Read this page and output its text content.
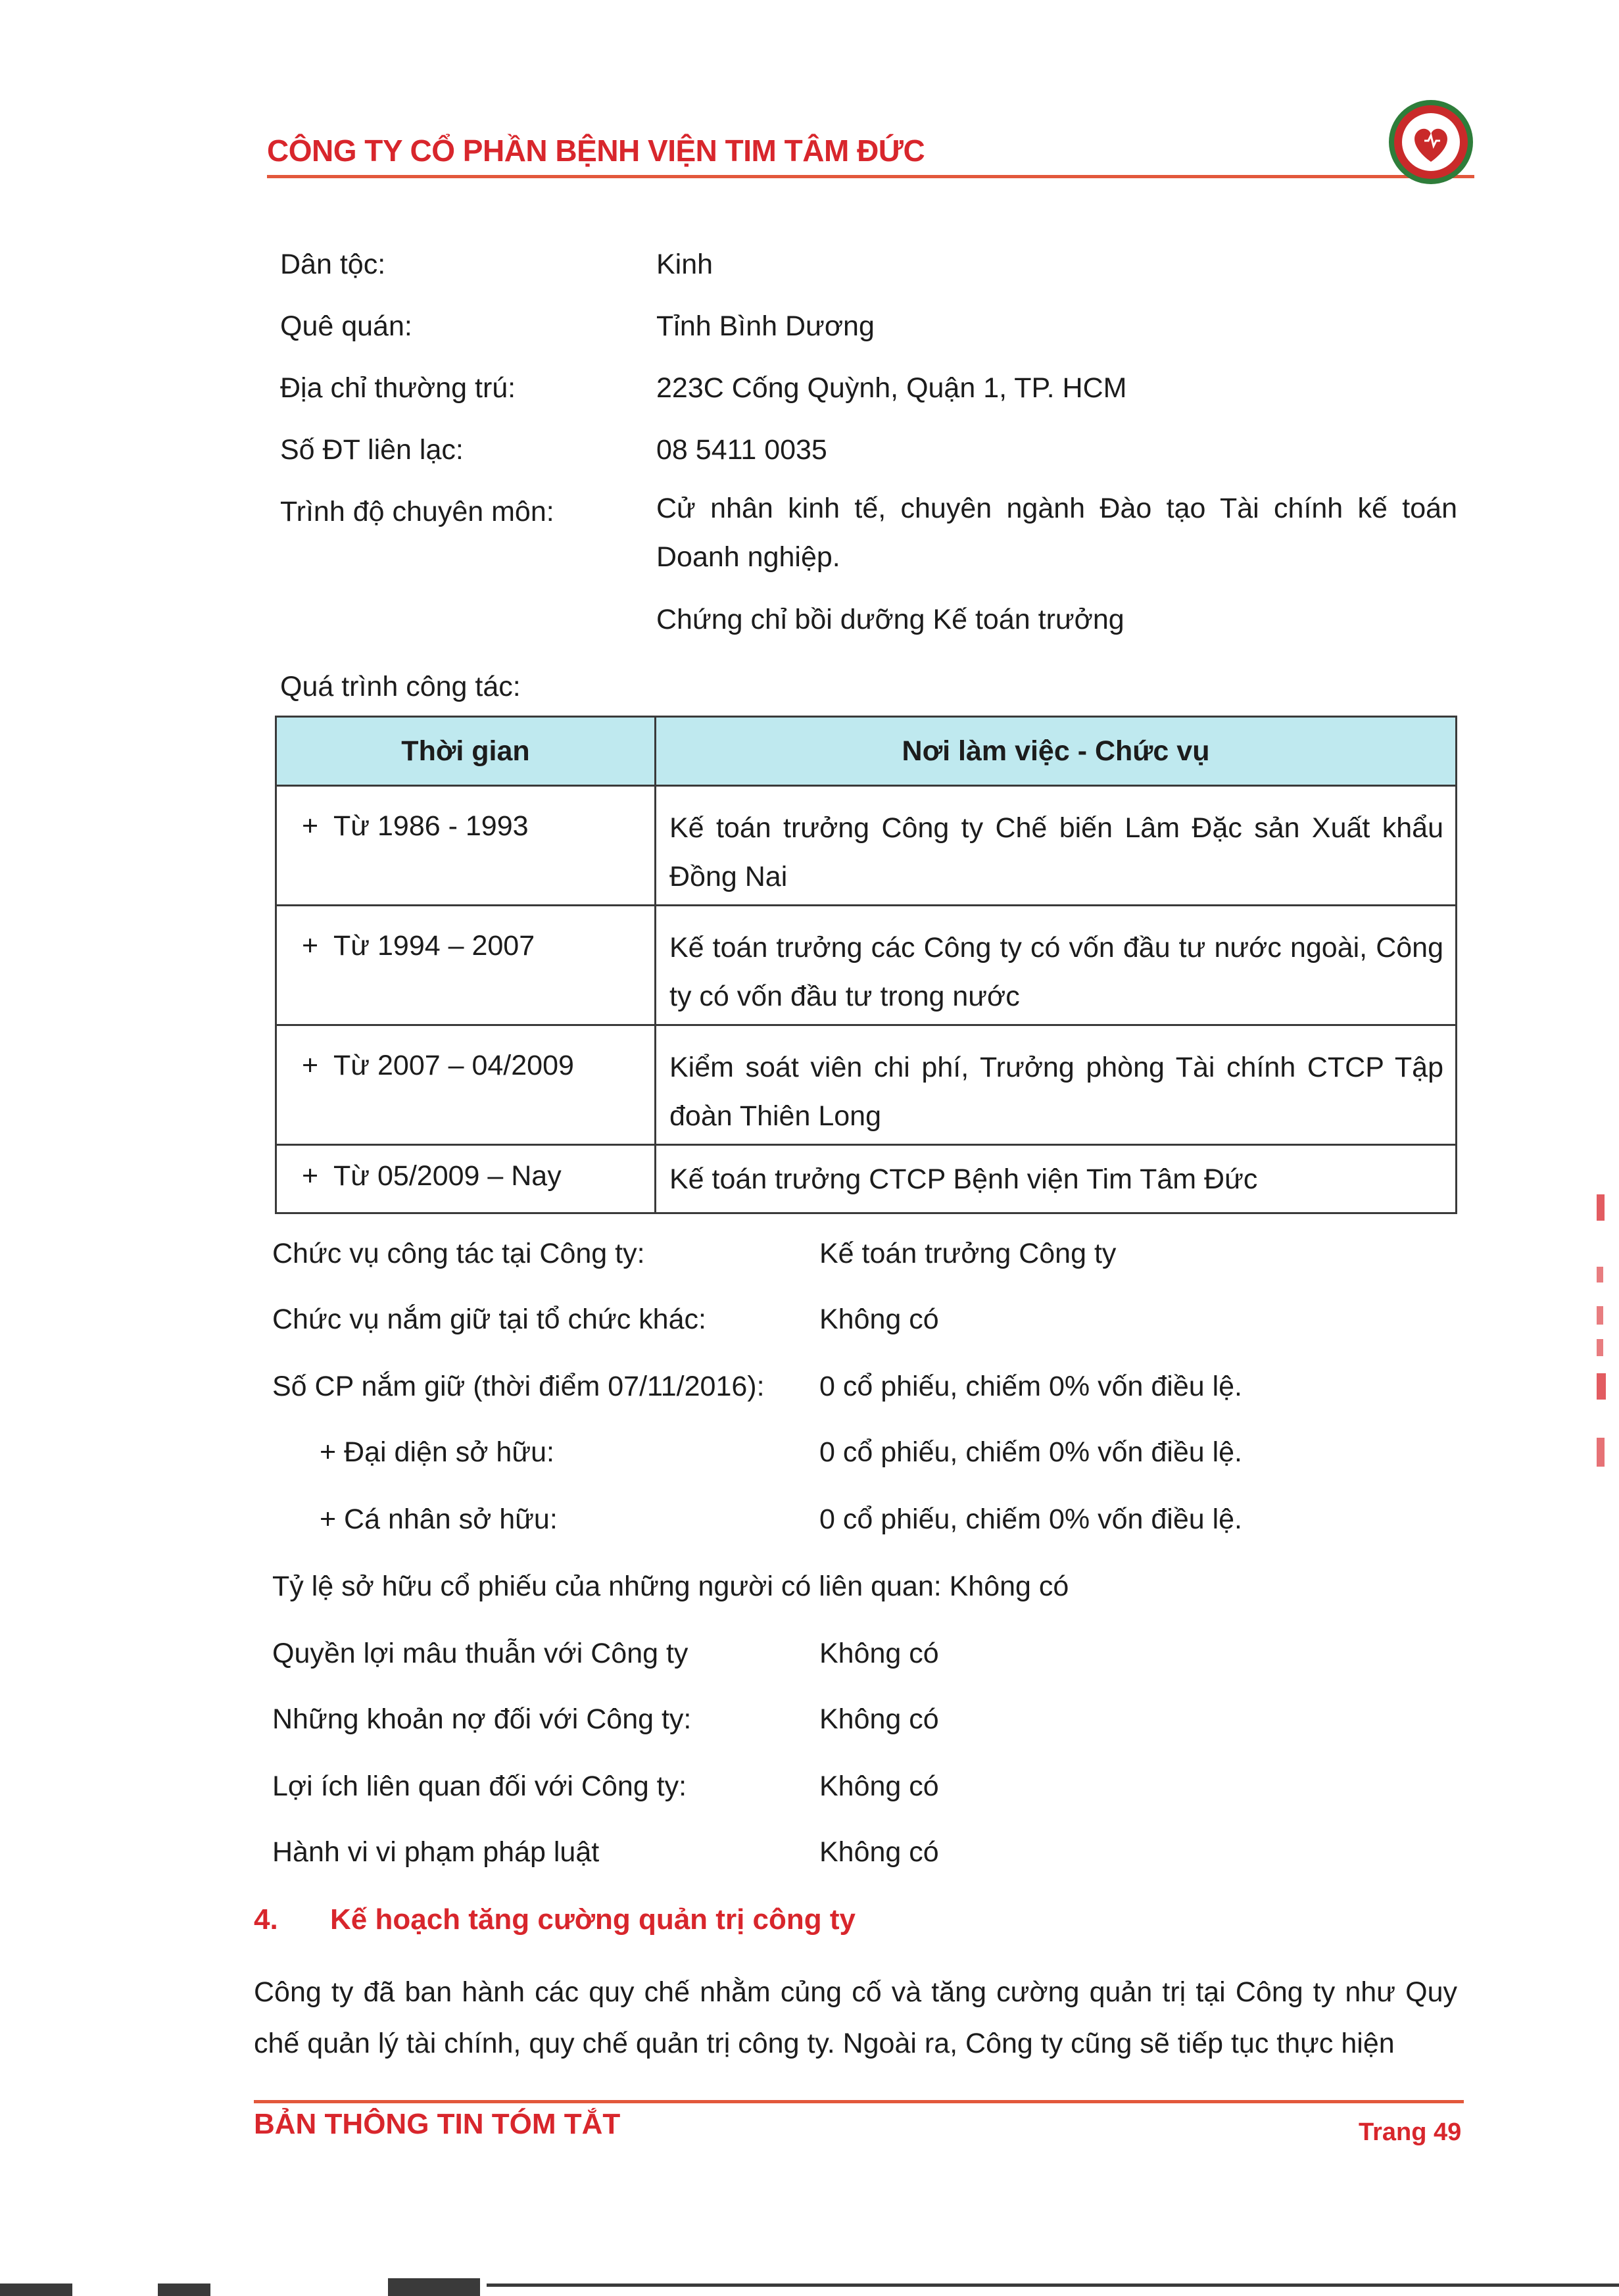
CÔNG TY CỔ PHẦN BỆNH VIỆN TIM TÂM ĐỨC
Dân tộc:	Kinh
Quê quán:	Tỉnh Bình Dương
Địa chỉ thường trú:	223C Cống Quỳnh, Quận 1, TP. HCM
Số ĐT liên lạc:	08 5411 0035
Trình độ chuyên môn:	Cử nhân kinh tế, chuyên ngành Đào tạo Tài chính kế toán Doanh nghiệp.
Chứng chỉ bồi dưỡng Kế toán trưởng
Quá trình công tác:
Thời gian	Nơi làm việc - Chức vụ
+ Từ 1986 - 1993	Kế toán trưởng Công ty Chế biến Lâm Đặc sản Xuất khẩu Đồng Nai
+ Từ 1994 – 2007	Kế toán trưởng các Công ty có vốn đầu tư nước ngoài, Công ty có vốn đầu tư trong nước
+ Từ 2007 – 04/2009	Kiểm soát viên chi phí, Trưởng phòng Tài chính CTCP Tập đoàn Thiên Long
+ Từ 05/2009 – Nay	Kế toán trưởng CTCP Bệnh viện Tim Tâm Đức
Chức vụ công tác tại Công ty:	Kế toán trưởng Công ty
Chức vụ nắm giữ tại tổ chức khác:	Không có
Số CP nắm giữ (thời điểm 07/11/2016): 0 cổ phiếu, chiếm 0% vốn điều lệ.
+ Đại diện sở hữu:	0 cổ phiếu, chiếm 0% vốn điều lệ.
+ Cá nhân sở hữu:	0 cổ phiếu, chiếm 0% vốn điều lệ.
Tỷ lệ sở hữu cổ phiếu của những người có liên quan: Không có
Quyền lợi mâu thuẫn với Công ty	Không có
Những khoản nợ đối với Công ty:	Không có
Lợi ích liên quan đối với Công ty:	Không có
Hành vi vi phạm pháp luật	Không có
4. Kế hoạch tăng cường quản trị công ty
Công ty đã ban hành các quy chế nhằm củng cố và tăng cường quản trị tại Công ty như Quy chế quản lý tài chính, quy chế quản trị công ty. Ngoài ra, Công ty cũng sẽ tiếp tục thực hiện
BẢN THÔNG TIN TÓM TẮT	Trang 49
